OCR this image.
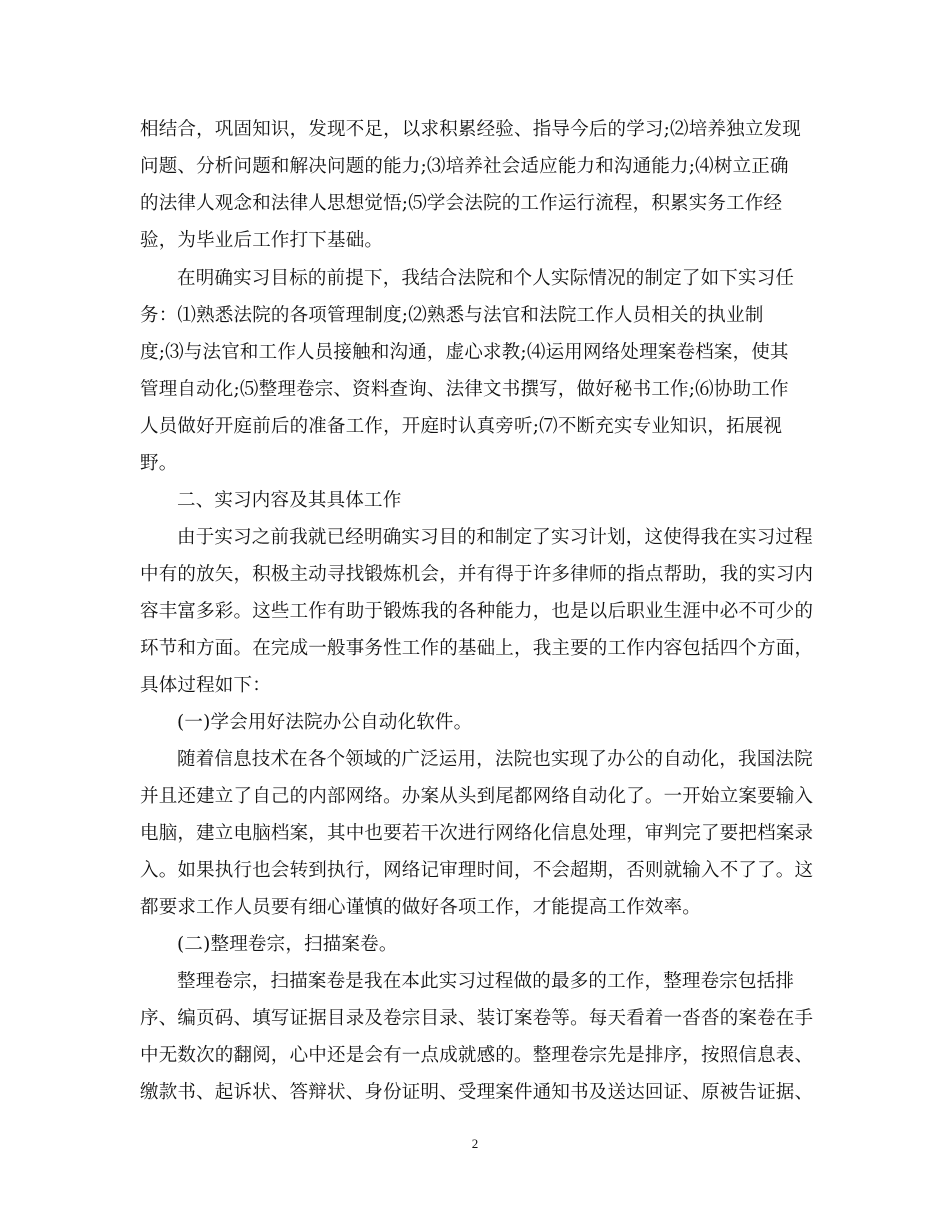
相结合，巩固知识，发现不足，以求积累经验、指导今后的学习;⑵培养独立发现
问题、分析问题和解决问题的能力;⑶培养社会适应能力和沟通能力;⑷树立正确
的法律人观念和法律人思想觉悟;⑸学会法院的工作运行流程，积累实务工作经
验，为毕业后工作打下基础。
在明确实习目标的前提下，我结合法院和个人实际情况的制定了如下实习任
务：⑴熟悉法院的各项管理制度;⑵熟悉与法官和法院工作人员相关的执业制
度;⑶与法官和工作人员接触和沟通，虚心求教;⑷运用网络处理案卷档案，使其
管理自动化;⑸整理卷宗、资料查询、法律文书撰写，做好秘书工作;⑹协助工作
人员做好开庭前后的准备工作，开庭时认真旁听;⑺不断充实专业知识，拓展视
野。
二、实习内容及其具体工作
由于实习之前我就已经明确实习目的和制定了实习计划，这使得我在实习过程
中有的放矢，积极主动寻找锻炼机会，并有得于许多律师的指点帮助，我的实习内
容丰富多彩。这些工作有助于锻炼我的各种能力，也是以后职业生涯中必不可少的
环节和方面。在完成一般事务性工作的基础上，我主要的工作内容包括四个方面，
具体过程如下：
(一)学会用好法院办公自动化软件。
随着信息技术在各个领域的广泛运用，法院也实现了办公的自动化，我国法院
并且还建立了自己的内部网络。办案从头到尾都网络自动化了。一开始立案要输入
电脑，建立电脑档案，其中也要若干次进行网络化信息处理，审判完了要把档案录
入。如果执行也会转到执行，网络记审理时间，不会超期，否则就输入不了了。这
都要求工作人员要有细心谨慎的做好各项工作，才能提高工作效率。
(二)整理卷宗，扫描案卷。
整理卷宗，扫描案卷是我在本此实习过程做的最多的工作，整理卷宗包括排
序、编页码、填写证据目录及卷宗目录、装订案卷等。每天看着一沓沓的案卷在手
中无数次的翻阅，心中还是会有一点成就感的。整理卷宗先是排序，按照信息表、
缴款书、起诉状、答辩状、身份证明、受理案件通知书及送达回证、原被告证据、
2
